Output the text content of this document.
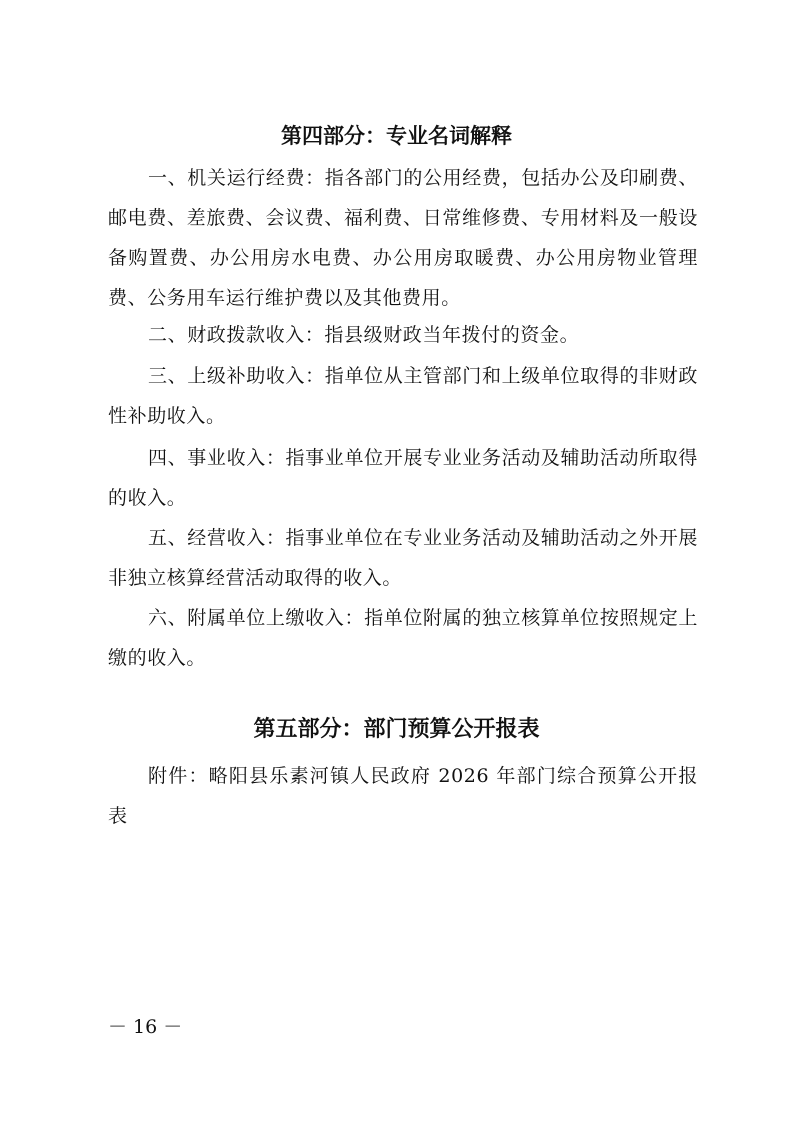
第四部分：专业名词解释

一、机关运行经费：指各部门的公用经费，包括办公及印刷费、邮电费、差旅费、会议费、福利费、日常维修费、专用材料及一般设备购置费、办公用房水电费、办公用房取暖费、办公用房物业管理费、公务用车运行维护费以及其他费用。

二、财政拨款收入：指县级财政当年拨付的资金。

三、上级补助收入：指单位从主管部门和上级单位取得的非财政性补助收入。

四、事业收入：指事业单位开展专业业务活动及辅助活动所取得的收入。

五、经营收入：指事业单位在专业业务活动及辅助活动之外开展非独立核算经营活动取得的收入。

六、附属单位上缴收入：指单位附属的独立核算单位按照规定上缴的收入。

第五部分：部门预算公开报表

附件：略阳县乐素河镇人民政府 2026 年部门综合预算公开报表

－ 16 －
